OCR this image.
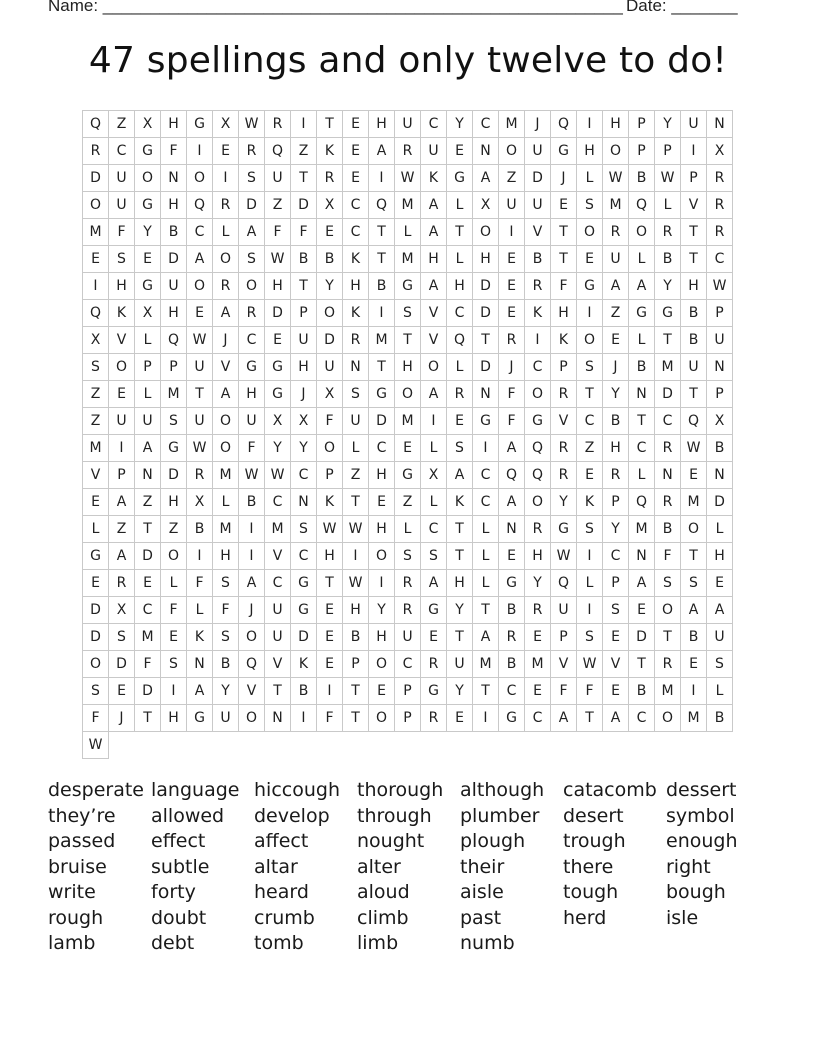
Name: _______________________________________________________ Date: _______
47 spellings and only twelve to do!
Q	Z	X	H	G	X	W	R	I	T	E	H	U	C	Y	C	M	J	Q	I	H	P	Y	U	N
R	C	G	F	I	E	R	Q	Z	K	E	A	R	U	E	N	O	U	G	H	O	P	P	I	X
D	U	O	N	O	I	S	U	T	R	E	I	W	K	G	A	Z	D	J	L	W	B	W	P	R
O	U	G	H	Q	R	D	Z	D	X	C	Q	M	A	L	X	U	U	E	S	M	Q	L	V	R
M	F	Y	B	C	L	A	F	F	E	C	T	L	A	T	O	I	V	T	O	R	O	R	T	R
E	S	E	D	A	O	S	W	B	B	K	T	M	H	L	H	E	B	T	E	U	L	B	T	C
I	H	G	U	O	R	O	H	T	Y	H	B	G	A	H	D	E	R	F	G	A	A	Y	H W
Q	K	X	H	E	A	R	D	P	O	K	I	S	V	C	D	E	K	H	I	Z	G	G	B	P
X	V	L	Q W	J	C	E	U	D	R	M	T	V	Q	T	R	I	K	O	E	L	T	B	U
S	O	P	P	U	V	G	G	H	U	N	T	H	O	L	D	J	C	P	S	J	B	M	U	N
Z	E	L	M	T	A	H	G	J	X	S	G	O	A	R	N	F	O	R	T	Y	N	D	T	P
Z	U	U	S	U	O	U	X	X	F	U	D	M	I	E	G	F	G	V	C	B	T	C	Q	X
M	I	A	G W O	F	Y	Y	O	L	C	E	L	S	I	A	Q	R	Z	H	C	R	W	B
V	P	N	D	R	M W W	C	P	Z	H	G	X	A	C	Q	Q	R	E	R	L	N	E	N
E	A	Z	H	X	L	B	C	N	K	T	E	Z	L	K	C	A	O	Y	K	P	Q	R	M	D
L	Z	T	Z	B	M	I	M	S	W W H	L	C	T	L	N	R	G	S	Y	M	B	O	L
G	A	D	O	I	H	I	V	C	H	I	O	S	S	T	L	E	H W	I	C	N	F	T	H
E	R	E	L	F	S	A	C	G	T	W	I	R	A	H	L	G	Y	Q	L	P	A	S	S	E
D	X	C	F	L	F	J	U	G	E	H	Y	R	G	Y	T	B	R	U	I	S	E	O	A	A
D	S	M	E	K	S	O	U	D	E	B	H	U	E	T	A	R	E	P	S	E	D	T	B	U
O	D	F	S	N	B	Q	V	K	E	P	O	C	R	U	M	B	M	V	W	V	T	R	E	S
S	E	D	I	A	Y	V	T	B	I	T	E	P	G	Y	T	C	E	F	F	E	B	M	I	L
F	J	T	H	G	U	O	N	I	F	T	O	P	R	E	I	G	C	A	T	A	C	O	M	B
W
desperate language hiccough thorough although catacomb dessert
they’re	allowed	develop	through	plumber	desert	symbol
passed	effect	affect	nought	plough	trough	enough
bruise	subtle	altar	alter	their	there	right
write	forty	heard	aloud	aisle	tough	bough
rough	doubt	crumb	climb	past	herd	isle
lamb	debt	tomb	limb	numb
